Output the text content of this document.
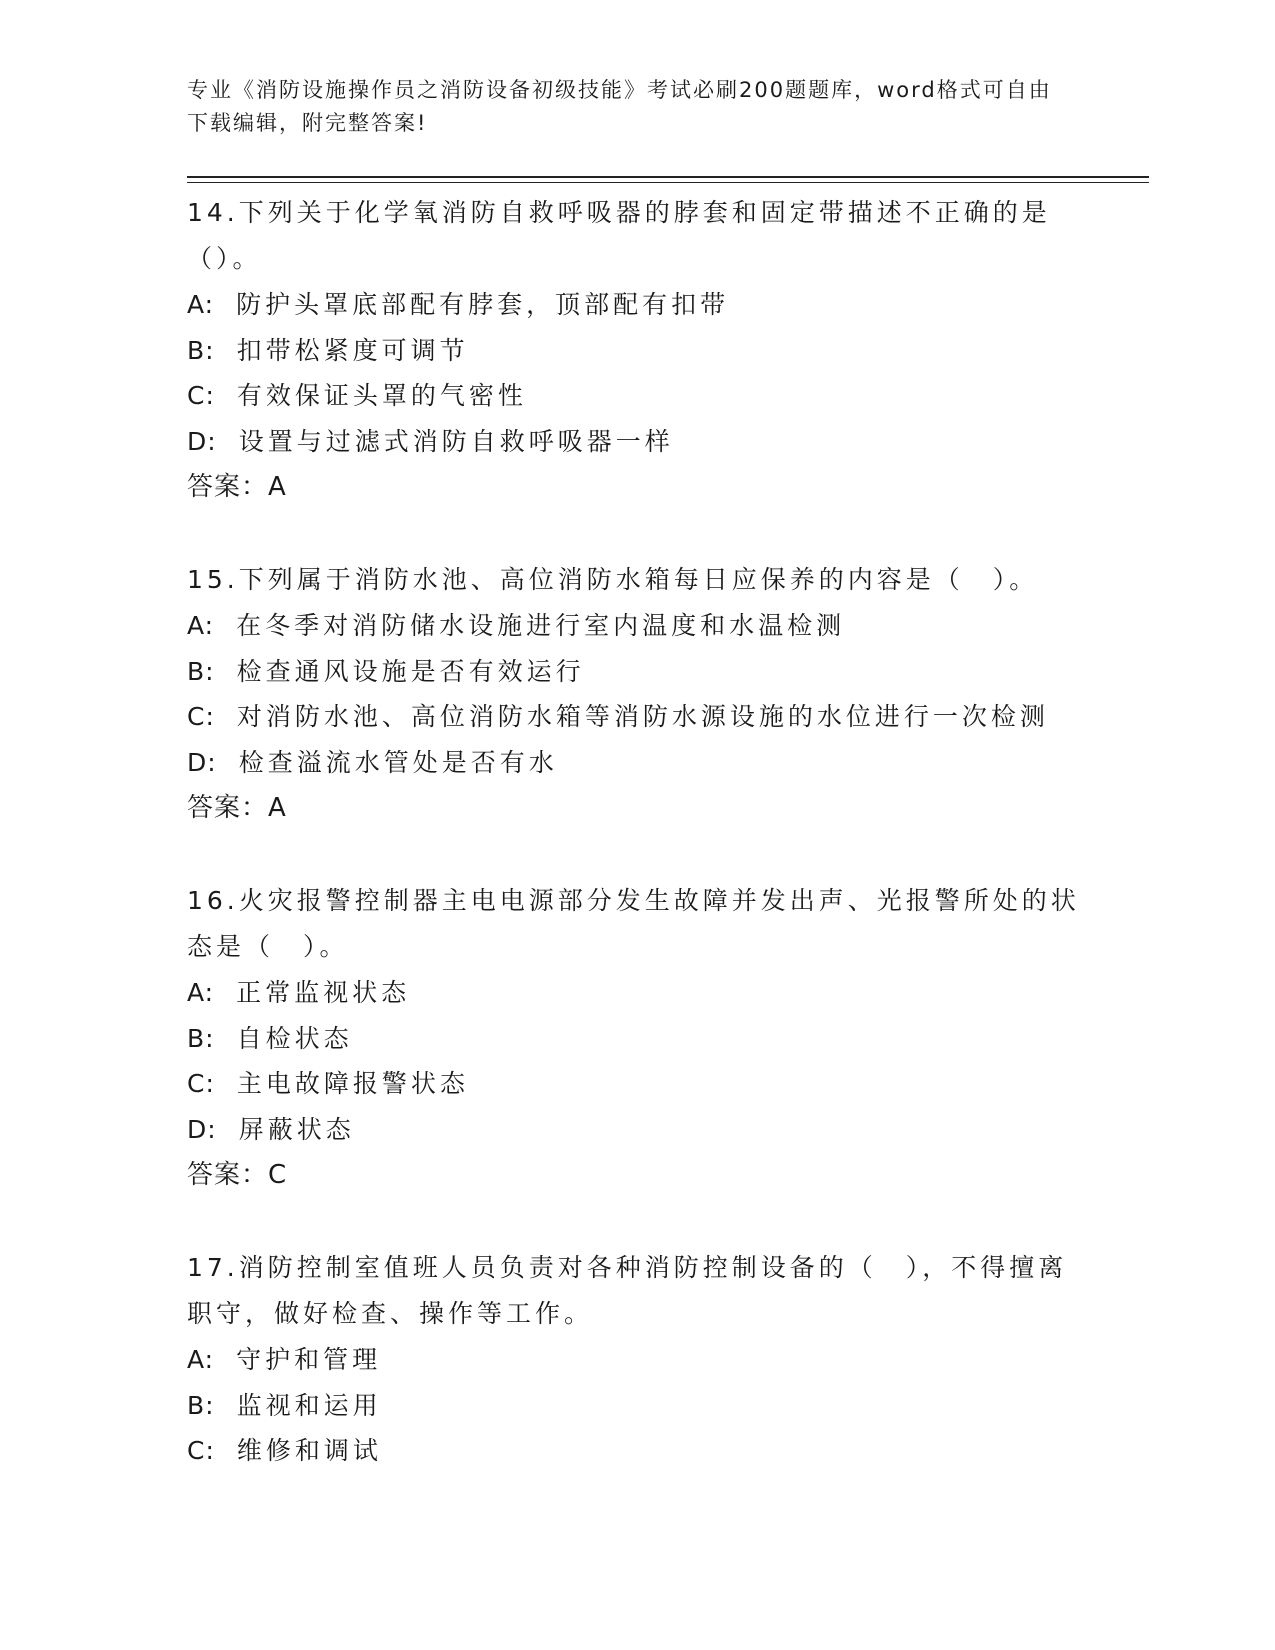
专业《消防设施操作员之消防设备初级技能》考试必刷200题题库，word格式可自由下载编辑，附完整答案!
14.下列关于化学氧消防自救呼吸器的脖套和固定带描述不正确的是（）。
A: 防护头罩底部配有脖套，顶部配有扣带
B: 扣带松紧度可调节
C: 有效保证头罩的气密性
D: 设置与过滤式消防自救呼吸器一样
答案：A
15.下列属于消防水池、高位消防水箱每日应保养的内容是（　）。
A: 在冬季对消防储水设施进行室内温度和水温检测
B: 检查通风设施是否有效运行
C: 对消防水池、高位消防水箱等消防水源设施的水位进行一次检测
D: 检查溢流水管处是否有水
答案：A
16.火灾报警控制器主电电源部分发生故障并发出声、光报警所处的状态是（　）。
A: 正常监视状态
B: 自检状态
C: 主电故障报警状态
D: 屏蔽状态
答案：C
17.消防控制室值班人员负责对各种消防控制设备的（　），不得擅离职守，做好检查、操作等工作。
A: 守护和管理
B: 监视和运用
C: 维修和调试
